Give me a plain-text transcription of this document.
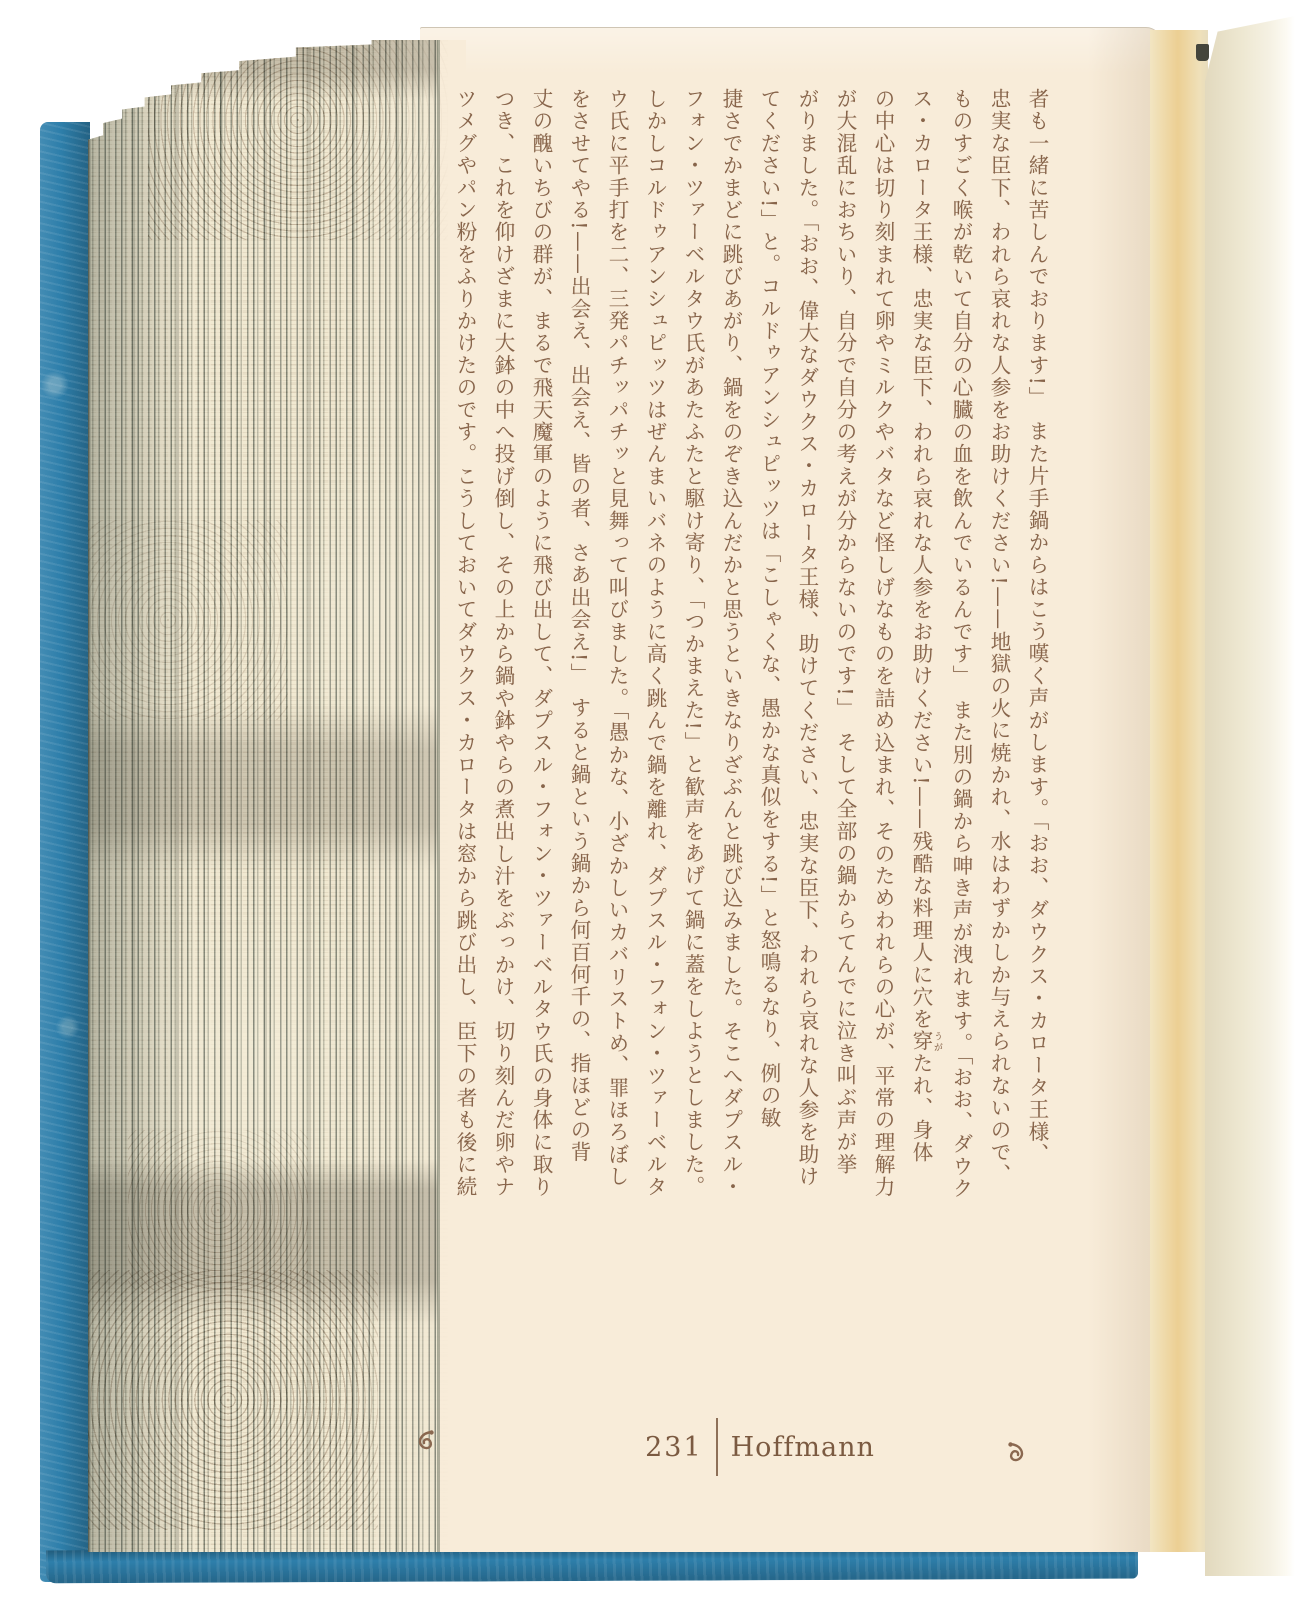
者も一緒に苦しんでおります!」　また片手鍋からはこう嘆く声がします。「おお、ダウクス・カロータ王様、
忠実な臣下、われら哀れな人参をお助けください!——地獄の火に焼かれ、水はわずかしか与えられないので、
ものすごく喉が乾いて自分の心臓の血を飲んでいるんです」　また別の鍋から呻き声が洩れます。「おお、ダウク
ス・カロータ王様、忠実な臣下、われら哀れな人参をお助けください!——残酷な料理人に穴を穿 うがたれ、身体
の中心は切り刻まれて卵やミルクやバタなど怪しげなものを詰め込まれ、そのためわれらの心が、平常の理解力
が大混乱におちいり、自分で自分の考えが分からないのです!」　そして全部の鍋からてんでに泣き叫ぶ声が挙
がりました。「おお、偉大なダウクス・カロータ王様、助けてください、忠実な臣下、われら哀れな人参を助け
てください!」と。コルドゥアンシュピッツは「こしゃくな、愚かな真似をする!」と怒鳴るなり、例の敏
捷さでかまどに跳びあがり、鍋をのぞき込んだかと思うといきなりざぶんと跳び込みました。そこへダプスル・
フォン・ツァーベルタウ氏があたふたと駆け寄り、「つかまえた!」と歓声をあげて鍋に蓋をしようとしました。
しかしコルドゥアンシュピッツはぜんまいバネのように高く跳んで鍋を離れ、ダプスル・フォン・ツァーベルタ
ウ氏に平手打を二、三発パチッパチッと見舞って叫びました。「愚かな、小ざかしいカバリストめ、罪ほろぼし
をさせてやる!——出会え、出会え、皆の者、さあ出会え!」　すると鍋という鍋から何百何千の、指ほどの背
丈の醜いちびの群が、まるで飛天魔軍のように飛び出して、ダプスル・フォン・ツァーベルタウ氏の身体に取り
つき、これを仰けざまに大鉢の中へ投げ倒し、その上から鍋や鉢やらの煮出し汁をぶっかけ、切り刻んだ卵やナ
ツメグやパン粉をふりかけたのです。こうしておいてダウクス・カロータは窓から跳び出し、臣下の者も後に続
231 Hoffmann
